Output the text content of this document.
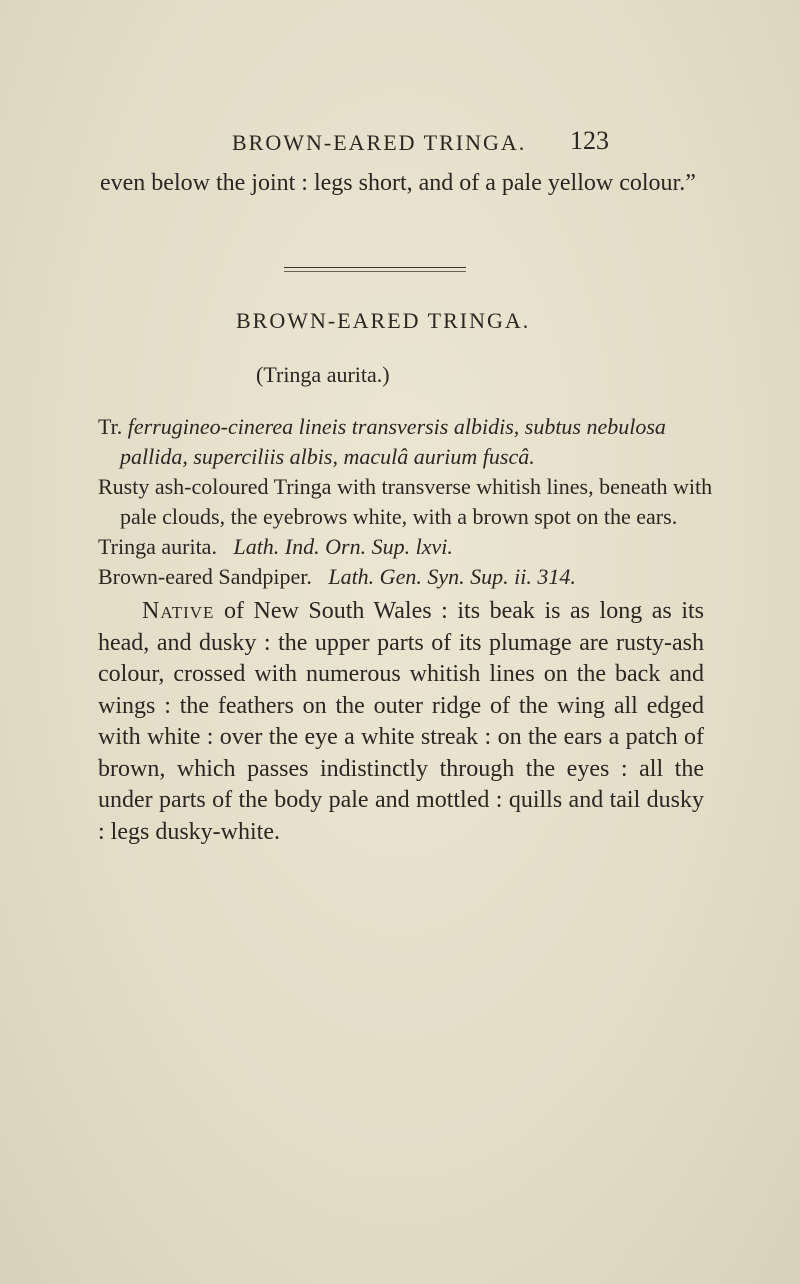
BROWN-EARED TRINGA. 123
even below the joint : legs short, and of a pale yellow colour.”
BROWN-EARED TRINGA.
(Tringa aurita.)

Tr. ferrugineo-cinerea lineis transversis albidis, subtus nebulosa pallida, superciliis albis, maculâ aurium fuscâ.

Rusty ash-coloured Tringa with transverse whitish lines, beneath with pale clouds, the eyebrows white, with a brown spot on the ears.

Tringa aurita. Lath. Ind. Orn. Sup. lxvi.

Brown-eared Sandpiper. Lath. Gen. Syn. Sup. ii. 314.

Native of New South Wales : its beak is as long as its head, and dusky : the upper parts of its plumage are rusty-ash colour, crossed with numerous whitish lines on the back and wings : the feathers on the outer ridge of the wing all edged with white : over the eye a white streak : on the ears a patch of brown, which passes indistinctly through the eyes : all the under parts of the body pale and mottled : quills and tail dusky : legs dusky-white.
